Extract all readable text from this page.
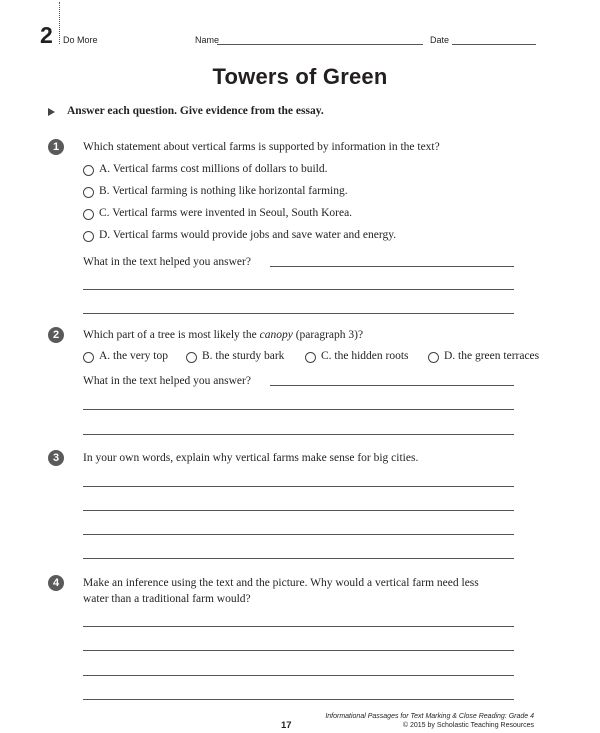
2 Do More	Name	Date
Towers of Green
Answer each question. Give evidence from the essay.
1	Which statement about vertical farms is supported by information in the text?
A. Vertical farms cost millions of dollars to build.
B. Vertical farming is nothing like horizontal farming.
C. Vertical farms were invented in Seoul, South Korea.
D. Vertical farms would provide jobs and save water and energy.
What in the text helped you answer?
2	Which part of a tree is most likely the canopy (paragraph 3)?
A. the very top	B. the sturdy bark	C. the hidden roots	D. the green terraces
What in the text helped you answer?
3	In your own words, explain why vertical farms make sense for big cities.
4	Make an inference using the text and the picture. Why would a vertical farm need less
water than a traditional farm would?
17
Informational Passages for Text Marking & Close Reading: Grade 4
© 2015 by Scholastic Teaching Resources
